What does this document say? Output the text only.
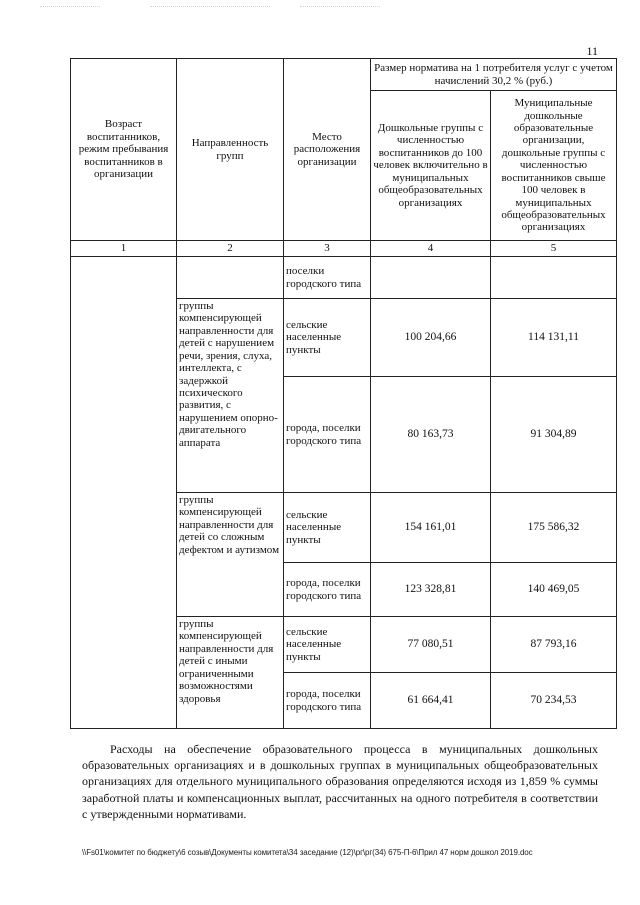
11
Возраст воспитанников, режим пребывания воспитанников в организации	Направленность групп	Место расположения организации	Размер норматива на 1 потребителя услуг с учетом начислений 30,2 % (руб.)	
			Дошкольные группы с численностью воспитанников до 100 человек включительно в муниципальных общеобразовательных организациях	Муниципальные дошкольные образовательные организации, дошкольные группы с численностью воспитанников свыше 100 человек в муниципальных общеобразовательных организациях
1	2	3	4	5
		поселки городского типа		
	группы компенсирующей направленности для детей с нарушением речи, зрения, слуха, интеллекта, с задержкой психического развития, с нарушением опорно-двигательного аппарата	сельские населенные пункты	100 204,66	114 131,11
		города, поселки городского типа	80 163,73	91 304,89
	группы компенсирующей направленности для детей со сложным дефектом и аутизмом	сельские населенные пункты	154 161,01	175 586,32
		города, поселки городского типа	123 328,81	140 469,05
	группы компенсирующей направленности для детей с иными ограниченными возможностями здоровья	сельские населенные пункты	77 080,51	87 793,16
		города, поселки городского типа	61 664,41	70 234,53

Расходы на обеспечение образовательного процесса в муниципальных дошкольных образовательных организациях и в дошкольных группах в муниципальных общеобразовательных организациях для отдельного муниципального образования определяются исходя из 1,859 % суммы заработной платы и компенсационных выплат, рассчитанных на одного потребителя в соответствии с утвержденными нормативами.

\\Fs01\комитет по бюджету\6 созыв\Документы комитета\34 заседание (12)\рг\рг(34) 675-П-6\Прил 47 норм дошкол 2019.doc
